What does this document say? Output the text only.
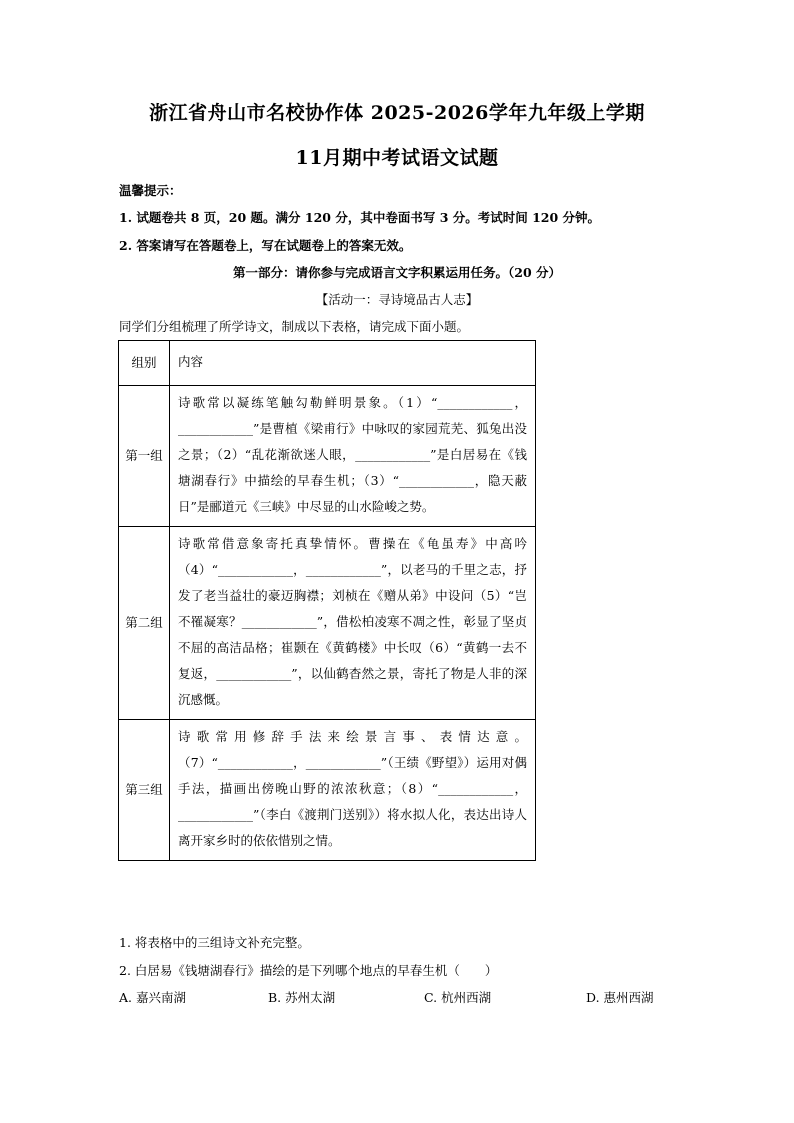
浙江省舟山市名校协作体 2025-2026学年九年级上学期
11月期中考试语文试题
温馨提示：
1. 试题卷共 8 页，20 题。满分 120 分，其中卷面书写 3 分。考试时间 120 分钟。
2. 答案请写在答题卷上，写在试题卷上的答案无效。
第一部分：请你参与完成语言文字积累运用任务。（20 分）
【活动一：寻诗境品古人志】
同学们分组梳理了所学诗文，制成以下表格，请完成下面小题。
组别	内容
第一组	诗歌常以凝练笔触勾勒鲜明景象。（1）“____________，____________”是曹植《梁甫行》中咏叹的家园荒芜、狐兔出没之景；（2）“乱花渐欲迷人眼，____________”是白居易在《钱塘湖春行》中描绘的早春生机；（3）“____________，隐天蔽日”是郦道元《三峡》中尽显的山水险峻之势。
第二组	诗歌常借意象寄托真挚情怀。曹操在《龟虽寿》中高吟（4）“____________，____________”，以老马的千里之志，抒发了老当益壮的豪迈胸襟；刘桢在《赠从弟》中设问（5）“岂不罹凝寒？____________”，借松柏凌寒不凋之性，彰显了坚贞不屈的高洁品格；崔颢在《黄鹤楼》中长叹（6）“黄鹤一去不复返，____________”，以仙鹤杳然之景，寄托了物是人非的深沉感慨。
第三组	诗歌常用修辞手法来绘景言事、表情达意。（7）“____________，____________”（王绩《野望》）运用对偶手法，描画出傍晚山野的浓浓秋意；（8）“____________，____________”（李白《渡荆门送别》）将水拟人化，表达出诗人离开家乡时的依依惜别之情。
1. 将表格中的三组诗文补充完整。
2. 白居易《钱塘湖春行》描绘的是下列哪个地点的早春生机（　　）
A. 嘉兴南湖	B. 苏州太湖	C. 杭州西湖	D. 惠州西湖
